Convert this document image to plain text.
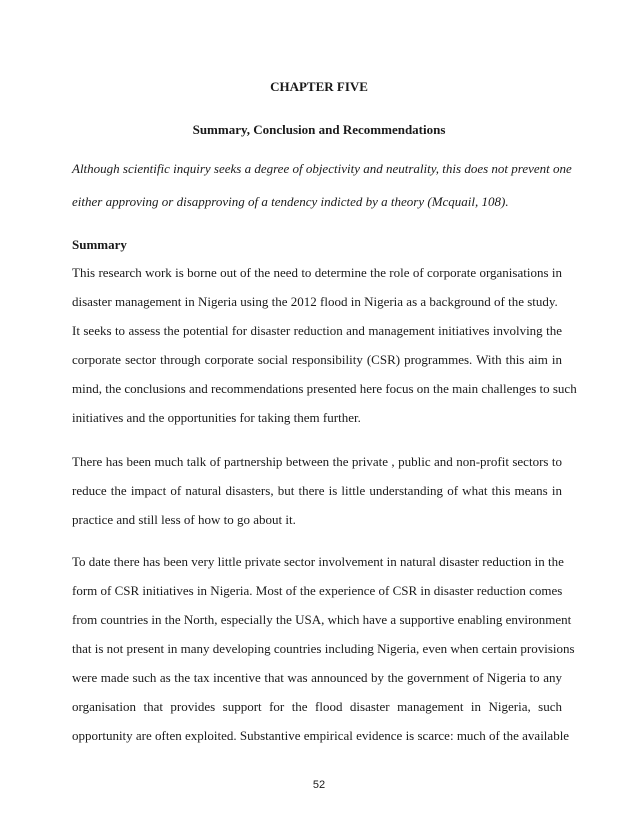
CHAPTER FIVE
Summary, Conclusion and Recommendations
Although scientific inquiry seeks a degree of objectivity and neutrality, this does not prevent one
either approving or disapproving of a tendency indicted by a theory (Mcquail, 108).
Summary
This research work is borne out of the need to determine the role of corporate organisations in
disaster management in Nigeria using the 2012 flood in Nigeria as a background of the study.
It seeks to assess the potential for disaster reduction and management initiatives involving the
corporate sector through corporate social responsibility (CSR) programmes. With this aim in
mind, the conclusions and recommendations presented here focus on the main challenges to such
initiatives and the opportunities for taking them further.
There has been much talk of partnership between the private , public and non-profit sectors to
reduce the impact of natural disasters, but there is little understanding of what this means in
practice and still less of how to go about it.
To date there has been very little private sector involvement in natural disaster reduction in the
form of CSR initiatives in Nigeria. Most of the experience of CSR in disaster reduction comes
from countries in the North, especially the USA, which have a supportive enabling environment
that is not present in many developing countries including Nigeria, even when certain provisions
were made such as the tax incentive that was announced by the government of Nigeria to any
organisation that provides support for the flood disaster management in Nigeria, such
opportunity are often exploited. Substantive empirical evidence is scarce: much of the available
52
